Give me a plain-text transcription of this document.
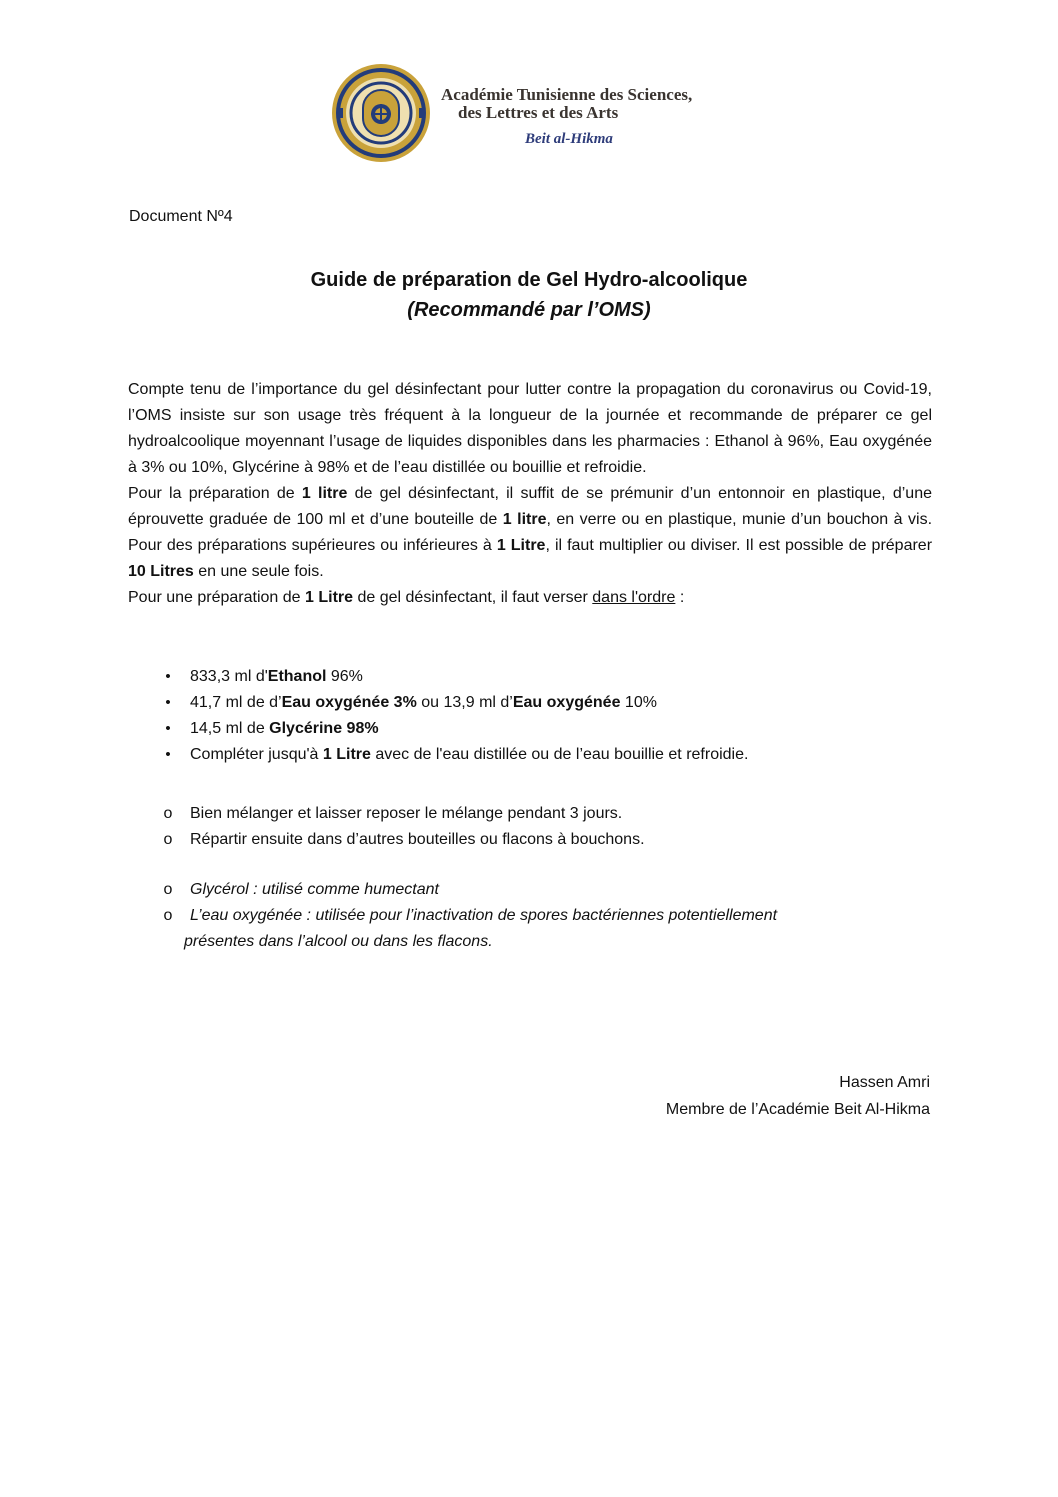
Académie Tunisienne des Sciences,
des Lettres et des Arts
Beit al-Hikma
Document Nº4
Guide de préparation de Gel Hydro-alcoolique
(Recommandé par l’OMS)

Compte tenu de l’importance du gel désinfectant pour lutter contre la propagation du coronavirus ou Covid-19, l’OMS insiste sur son usage très fréquent à la longueur de la journée et recommande de préparer ce gel hydroalcoolique moyennant l’usage de liquides disponibles dans les pharmacies : Ethanol à 96%, Eau oxygénée à 3% ou 10%, Glycérine à 98% et de l’eau distillée ou bouillie et refroidie.

Pour la préparation de 1 litre de gel désinfectant, il suffit de se prémunir d’un entonnoir en plastique, d’une éprouvette graduée de 100 ml et d’une bouteille de 1 litre, en verre ou en plastique, munie d’un bouchon à vis. Pour des préparations supérieures ou inférieures à 1 Litre, il faut multiplier ou diviser. Il est possible de préparer 10 Litres en une seule fois.

Pour une préparation de 1 Litre de gel désinfectant, il faut verser dans l'ordre :

•	833,3 ml d'Ethanol 96%
•	41,7 ml de d’Eau oxygénée 3% ou 13,9 ml d’Eau oxygénée 10%
•	14,5 ml de Glycérine 98%
•	Compléter jusqu'à 1 Litre avec de l'eau distillée ou de l’eau bouillie et refroidie.
o	Bien mélanger et laisser reposer le mélange pendant 3 jours.
o	Répartir ensuite dans d’autres bouteilles ou flacons à bouchons.
o	Glycérol : utilisé comme humectant
o	L’eau oxygénée : utilisée pour l’inactivation de spores bactériennes potentiellement
présentes dans l’alcool ou dans les flacons.
Hassen Amri
Membre de l’Académie Beit Al-Hikma
